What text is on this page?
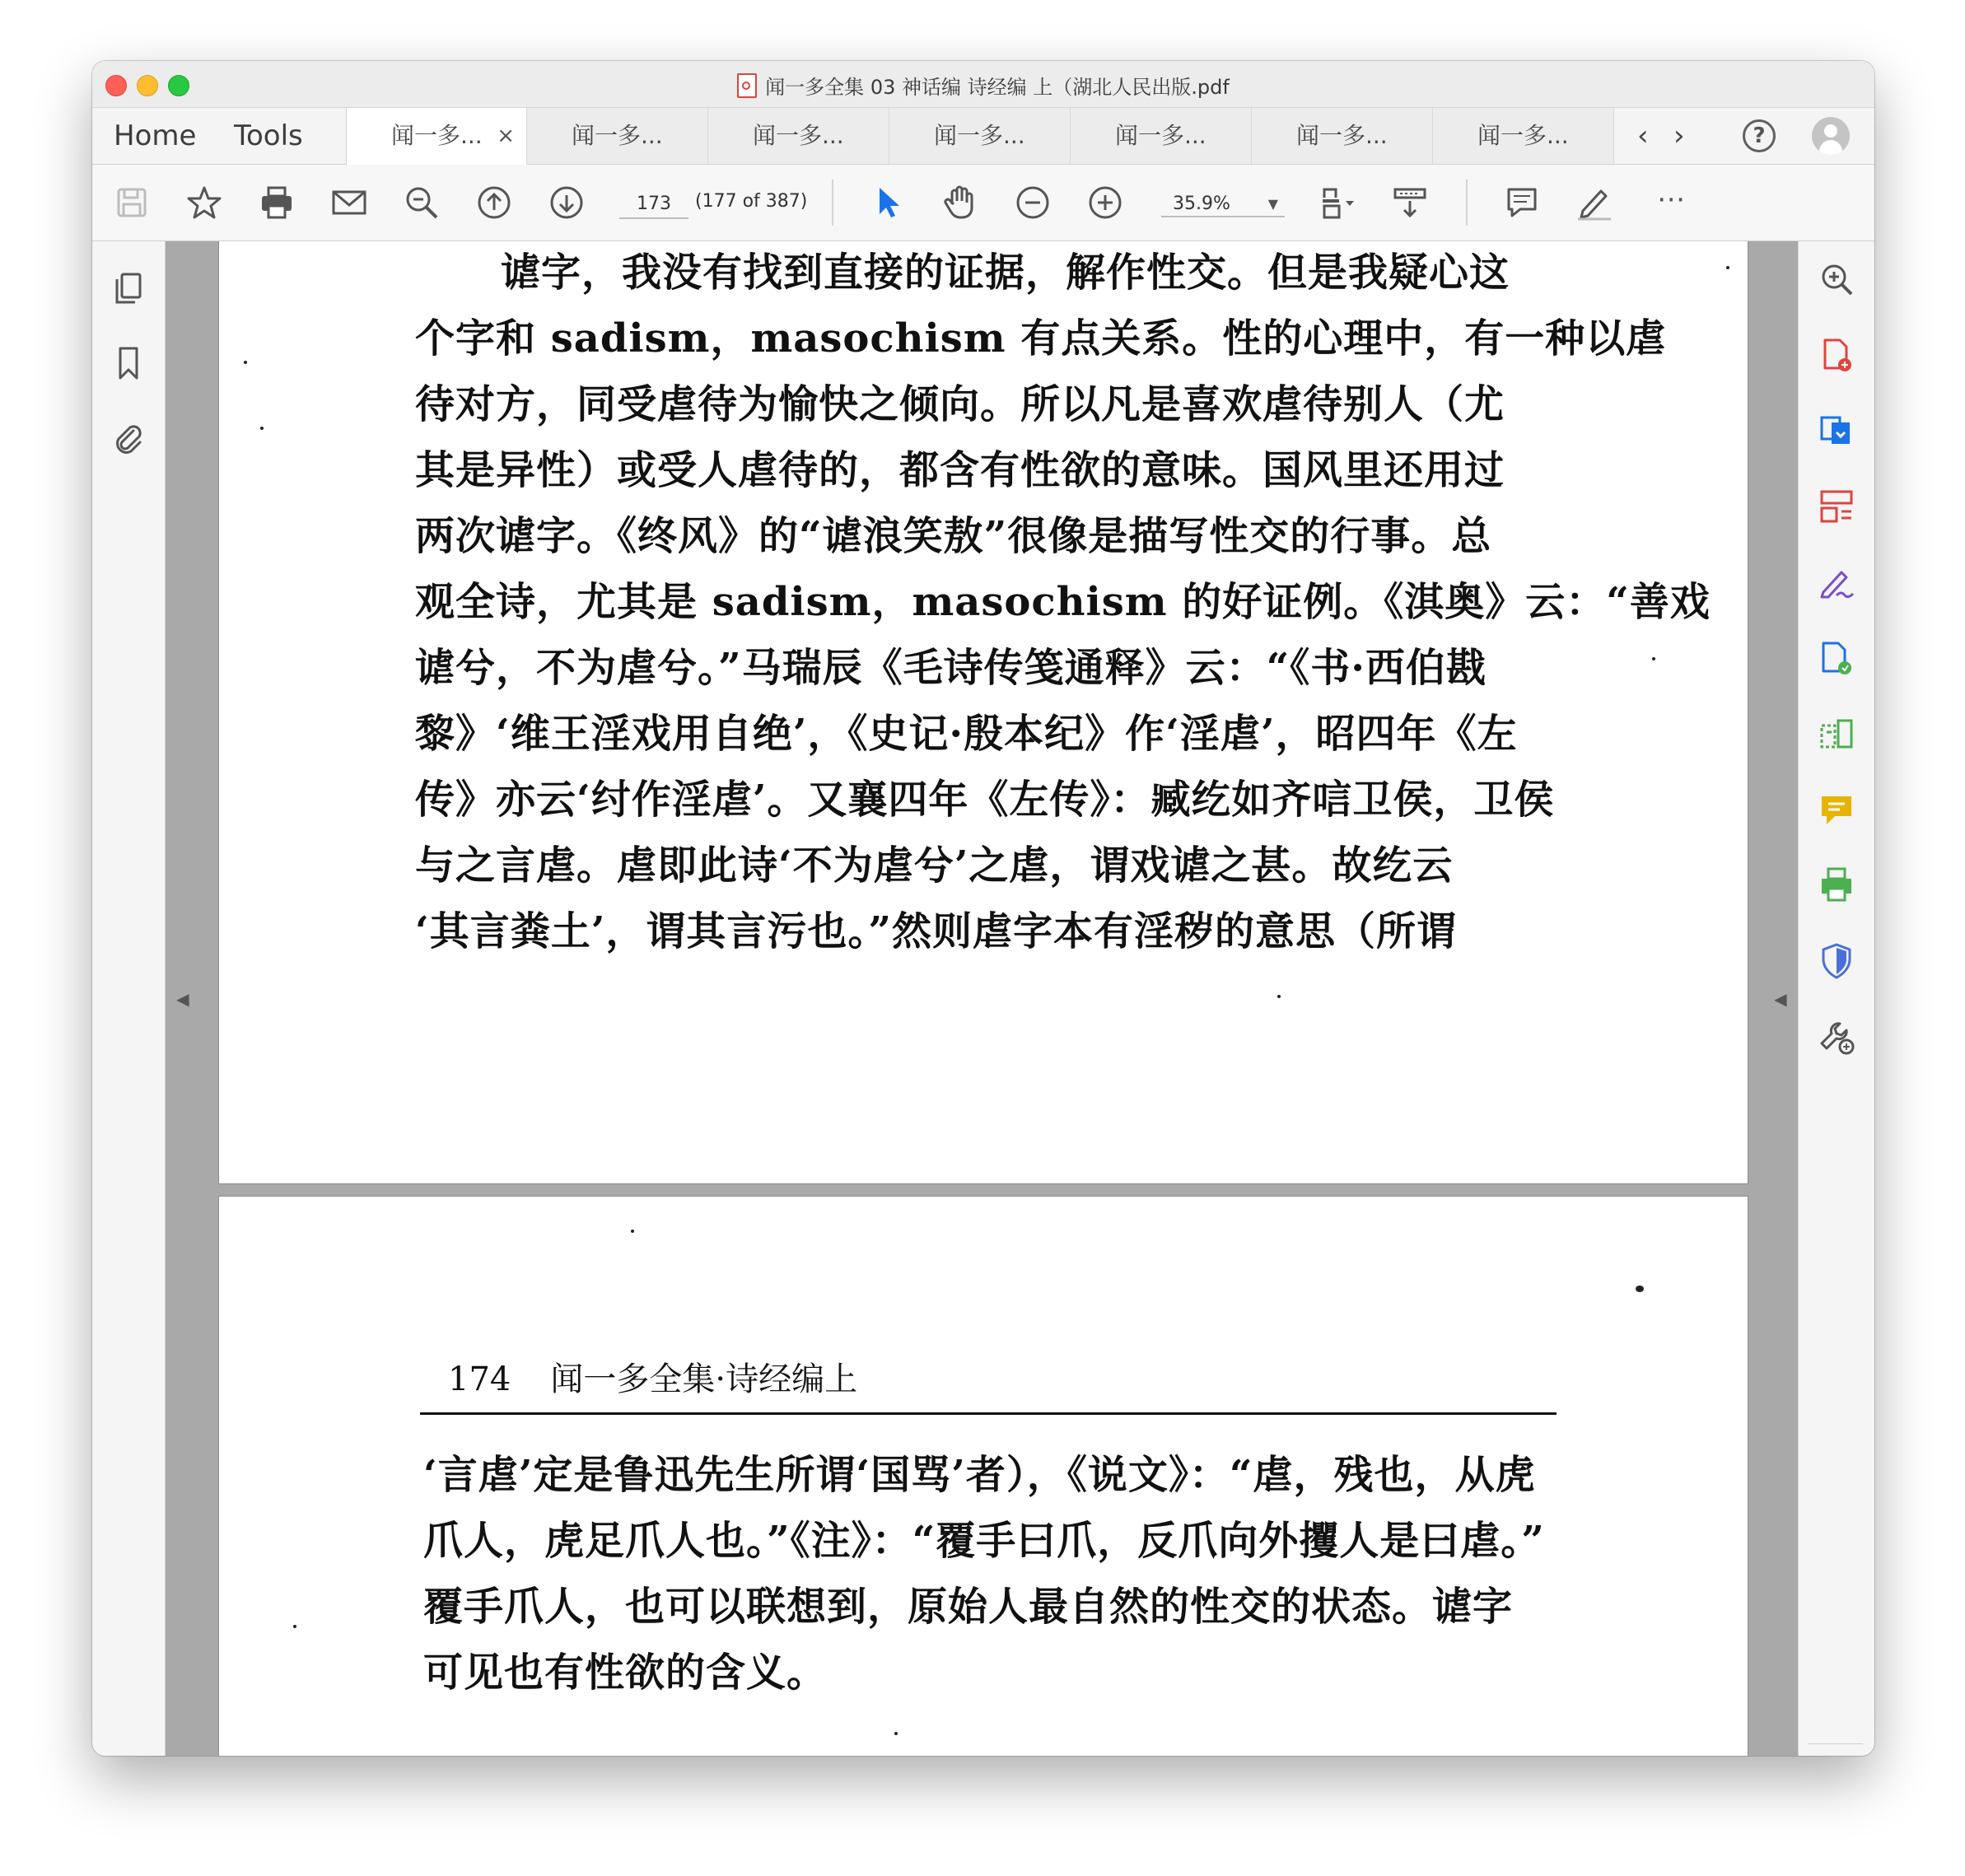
闻一多全集 03 神话编 诗经编 上（湖北人民出版.pdf
Home Tools	闻一多... ×	闻一多...	闻一多...	闻一多...	闻一多...	闻一多...	闻一多...	‹ ›	?
173	(177 of 387)	35.9%	▼	⋯
◀	◀
谑字，我没有找到直接的证据，解作性交。但是我疑心这
个字和 sadism，masochism 有点关系。性的心理中，有一种以虐
待对方，同受虐待为愉快之倾向。所以凡是喜欢虐待别人（尤
其是异性）或受人虐待的，都含有性欲的意味。国风里还用过
两次谑字。《终风》的“谑浪笑敖”很像是描写性交的行事。总
观全诗，尤其是 sadism，masochism 的好证例。《淇奥》云：“善戏
谑兮，不为虐兮。”马瑞辰《毛诗传笺通释》云：“《书·西伯戡
黎》‘维王淫戏用自绝’，《史记·殷本纪》作‘淫虐’，昭四年《左
传》亦云‘纣作淫虐’。又襄四年《左传》：臧纥如齐唁卫侯，卫侯
与之言虐。虐即此诗‘不为虐兮’之虐，谓戏谑之甚。故纥云
‘其言粪土’，谓其言污也。”然则虐字本有淫秽的意思（所谓
174 闻一多全集·诗经编上
‘言虐’定是鲁迅先生所谓‘国骂’者），《说文》：“虐，残也，从虎
爪人，虎足爪人也。”《注》：“覆手曰爪，反爪向外攫人是曰虐。”
覆手爪人，也可以联想到，原始人最自然的性交的状态。谑字
可见也有性欲的含义。
